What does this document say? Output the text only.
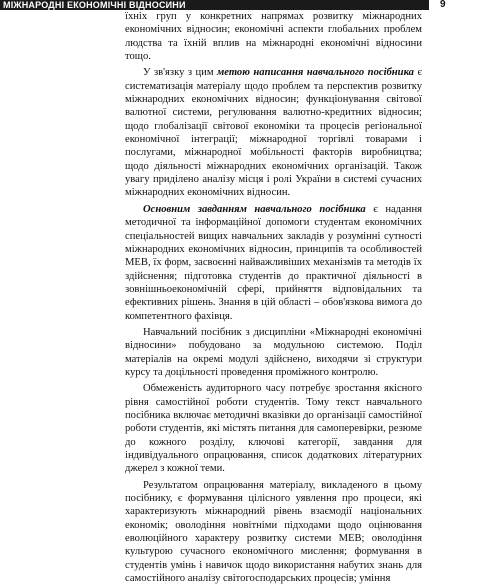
МІЖНАРОДНІ ЕКОНОМІЧНІ ВІДНОСИНИ	9

їхніх груп у конкретних напрямах розвитку міжнародних економічних відносин; економічні аспекти глобальних проблем людства та їхній вплив на міжнародні економічні відносини тощо.

У зв'язку з цим метою написання навчального посібника є систематизація матеріалу щодо проблем та перспектив розвитку міжнародних економічних відносин; функціонування світової валютної системи, регулювання валютно-кредитних відносин; щодо глобалізації світової економіки та процесів регіональної економічної інтеграції; міжнародної торгівлі товарами і послугами, міжнародної мобільності факторів виробництва; щодо діяльності міжнародних економічних організацій. Також увагу приділено аналізу місця і ролі України в системі сучасних міжнародних економічних відносин.

Основним завданням навчального посібника є надання методичної та інформаційної допомоги студентам економічних спеціальностей вищих навчальних закладів у розумінні сутності міжнародних економічних відносин, принципів та особливостей МЕВ, їх форм, засвоєнні найважливіших механізмів та методів їх здійснення; підготовка студентів до практичної діяльності в зовнішньоекономічній сфері, прийняття відповідальних та ефективних рішень. Знання в цій області – обов'язкова вимога до компетентного фахівця.

Навчальний посібник з дисципліни «Міжнародні економічні відносини» побудовано за модульною системою. Поділ матеріалів на окремі модулі здійснено, виходячи зі структури курсу та доцільності проведення проміжного контролю.

Обмеженість аудиторного часу потребує зростання якісного рівня самостійної роботи студентів. Тому текст навчального посібника включає методичні вказівки до організації самостійної роботи студентів, які містять питання для самоперевірки, резюме до кожного розділу, ключові категорії, завдання для індивідуального опрацювання, список додаткових літературних джерел з кожної теми.

Результатом опрацювання матеріалу, викладеного в цьому посібнику, є формування цілісного уявлення про процеси, які характеризують міжнародний рівень взаємодії національних економік; оволодіння новітніми підходами щодо оцінювання еволюційного характеру розвитку системи МЕВ; оволодіння культурою сучасного економічного мислення; формування в студентів умінь і навичок щодо використання набутих знань для самостійного аналізу світогосподарських процесів; уміння
